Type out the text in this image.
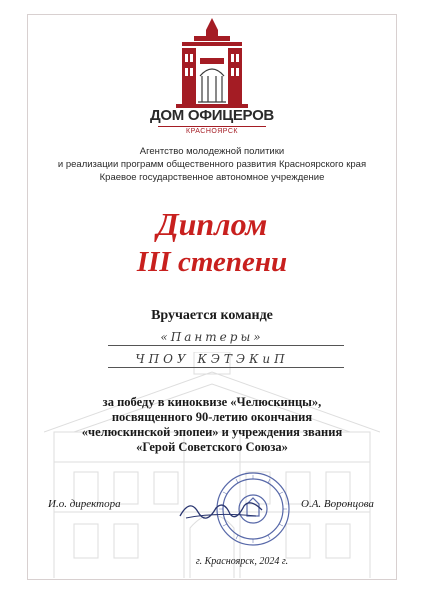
ДОМ ОФИЦЕРОВ
КРАСНОЯРСК
Агентство молодежной политики
и реализации программ общественного развития Красноярского края
Краевое государственное автономное учреждение
Диплом
III степени
Вручается команде
«Пантеры»
ЧПОУ КЭТЭКиП
за победу в киноквизе «Челюскинцы»,
посвященного 90-летию окончания
«челюскинской эпопеи» и учреждения звания
«Герой Советского Союза»
И.о. директора	О.А. Воронцова
г. Красноярск, 2024 г.
